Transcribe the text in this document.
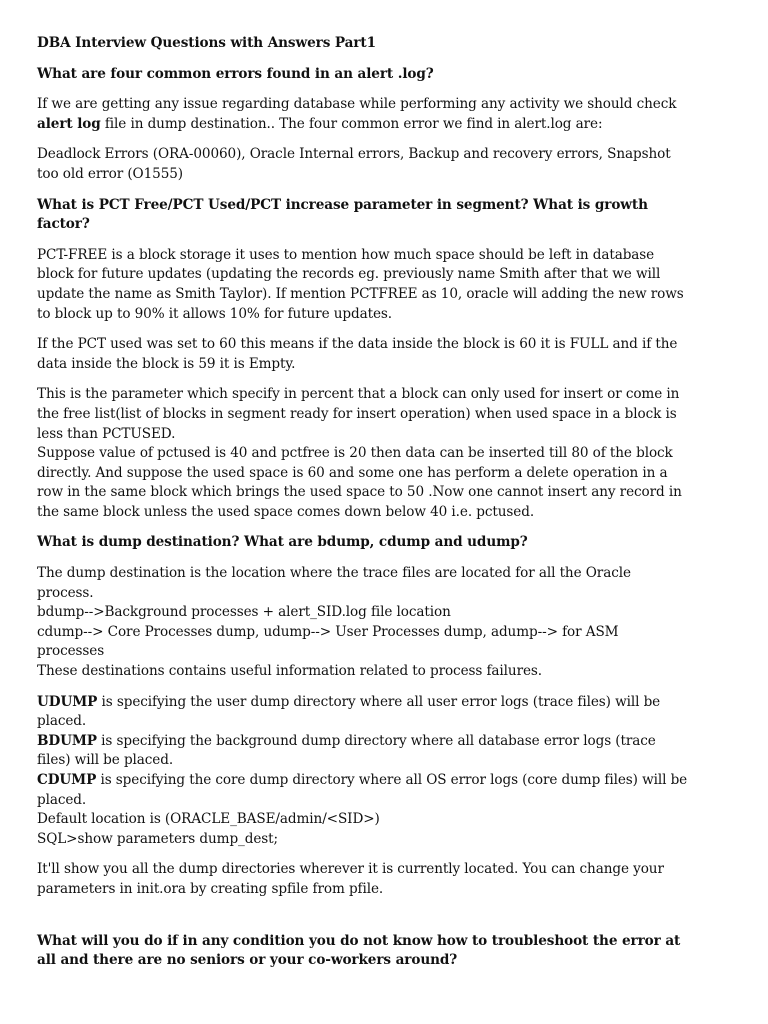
DBA Interview Questions with Answers Part1

What are four common errors found in an alert .log?

If we are getting any issue regarding database while performing any activity we should check alert log file in dump destination.. The four common error we find in alert.log are:

Deadlock Errors (ORA-00060), Oracle Internal errors, Backup and recovery errors, Snapshot too old error (O1555)

What is PCT Free/PCT Used/PCT increase parameter in segment? What is growth factor?

PCT-FREE is a block storage it uses to mention how much space should be left in database block for future updates (updating the records eg. previously name Smith after that we will update the name as Smith Taylor). If mention PCTFREE as 10, oracle will adding the new rows to block up to 90% it allows 10% for future updates.

If the PCT used was set to 60 this means if the data inside the block is 60 it is FULL and if the data inside the block is 59 it is Empty.

This is the parameter which specify in percent that a block can only used for insert or come in the free list(list of blocks in segment ready for insert operation) when used space in a block is less than PCTUSED.
Suppose value of pctused is 40 and pctfree is 20 then data can be inserted till 80 of the block directly. And suppose the used space is 60 and some one has perform a delete operation in a row in the same block which brings the used space to 50 .Now one cannot insert any record in the same block unless the used space comes down below 40 i.e. pctused.

What is dump destination? What are bdump, cdump and udump?

The dump destination is the location where the trace files are located for all the Oracle process.
bdump-->Background processes + alert_SID.log file location
cdump--> Core Processes dump, udump--> User Processes dump, adump--> for ASM processes
These destinations contains useful information related to process failures.

UDUMP is specifying the user dump directory where all user error logs (trace files) will be placed.
BDUMP is specifying the background dump directory where all database error logs (trace files) will be placed.
CDUMP is specifying the core dump directory where all OS error logs (core dump files) will be placed.
Default location is (ORACLE_BASE/admin/<SID>)
SQL>show parameters dump_dest;

It'll show you all the dump directories wherever it is currently located. You can change your parameters in init.ora by creating spfile from pfile.

What will you do if in any condition you do not know how to troubleshoot the error at all and there are no seniors or your co-workers around?
